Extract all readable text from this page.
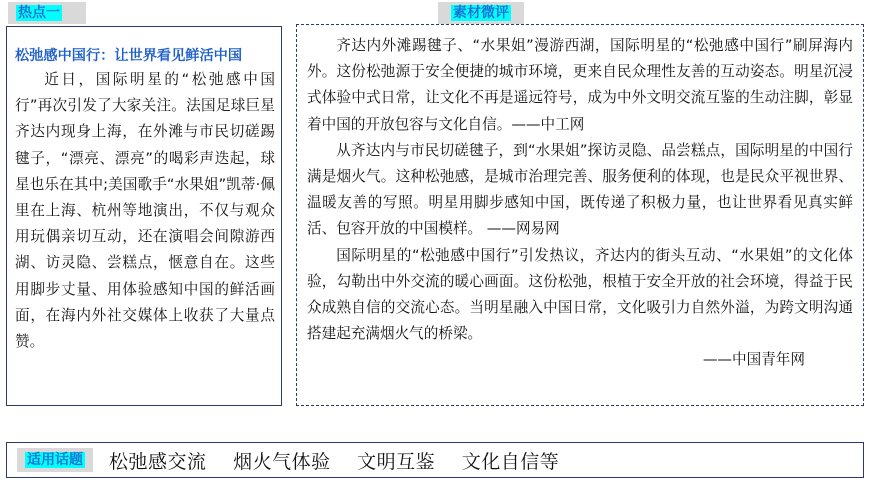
热点一	素材微评
松弛感中国行：让世界看见鲜活中国

近日，国际明星的“松弛感中国行”再次引发了大家关注。法国足球巨星齐达内现身上海，在外滩与市民切磋踢毽子，“漂亮、漂亮”的喝彩声迭起，球星也乐在其中;美国歌手“水果姐”凯蒂·佩里在上海、杭州等地演出，不仅与观众用玩偶亲切互动，还在演唱会间隙游西湖、访灵隐、尝糕点，惬意自在。这些用脚步丈量、用体验感知中国的鲜活画面，在海内外社交媒体上收获了大量点赞。

齐达内外滩踢毽子、“水果姐”漫游西湖，国际明星的“松弛感中国行”刷屏海内外。这份松弛源于安全便捷的城市环境，更来自民众理性友善的互动姿态。明星沉浸式体验中式日常，让文化不再是遥远符号，成为中外文明交流互鉴的生动注脚，彰显着中国的开放包容与文化自信。——中工网

从齐达内与市民切磋毽子，到“水果姐”探访灵隐、品尝糕点，国际明星的中国行满是烟火气。这种松弛感，是城市治理完善、服务便利的体现，也是民众平视世界、温暖友善的写照。明星用脚步感知中国，既传递了积极力量，也让世界看见真实鲜活、包容开放的中国模样。 ——网易网

国际明星的“松弛感中国行”引发热议，齐达内的街头互动、“水果姐”的文化体验，勾勒出中外交流的暖心画面。这份松弛，根植于安全开放的社会环境，得益于民众成熟自信的交流心态。当明星融入中国日常，文化吸引力自然外溢，为跨文明沟通搭建起充满烟火气的桥梁。

——中国青年网

适用话题	松弛感交流 烟火气体验 文明互鉴 文化自信等
